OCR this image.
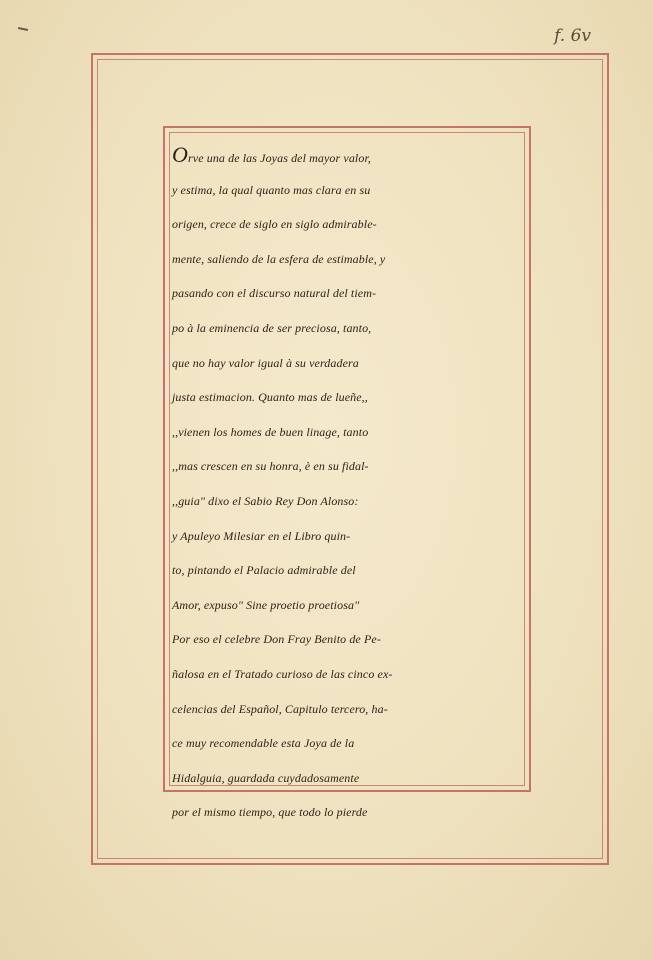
f. 6v
Orve una de las Joyas del mayor valor,
y estima, la qual quanto mas clara en su
origen, crece de siglo en siglo admirable-
mente, saliendo de la esfera de estimable, y
pasando con el discurso natural del tiem-
po à la eminencia de ser preciosa, tanto,
que no hay valor igual à su verdadera
justa estimacion. Quanto mas de lueñe,,
,,vienen los homes de buen linage, tanto
,,mas crescen en su honra, è en su fidal-
,,guia" dixo el Sabio Rey Don Alonso:
y Apuleyo Milesiar en el Libro quin-
to, pintando el Palacio admirable del
Amor, expuso" Sine proetio proetiosa"
Por eso el celebre Don Fray Benito de Pe-
ñalosa en el Tratado curioso de las cinco ex-
celencias del Español, Capitulo tercero, ha-
ce muy recomendable esta Joya de la
Hidalguia, guardada cuydadosamente
por el mismo tiempo, que todo lo pierde
